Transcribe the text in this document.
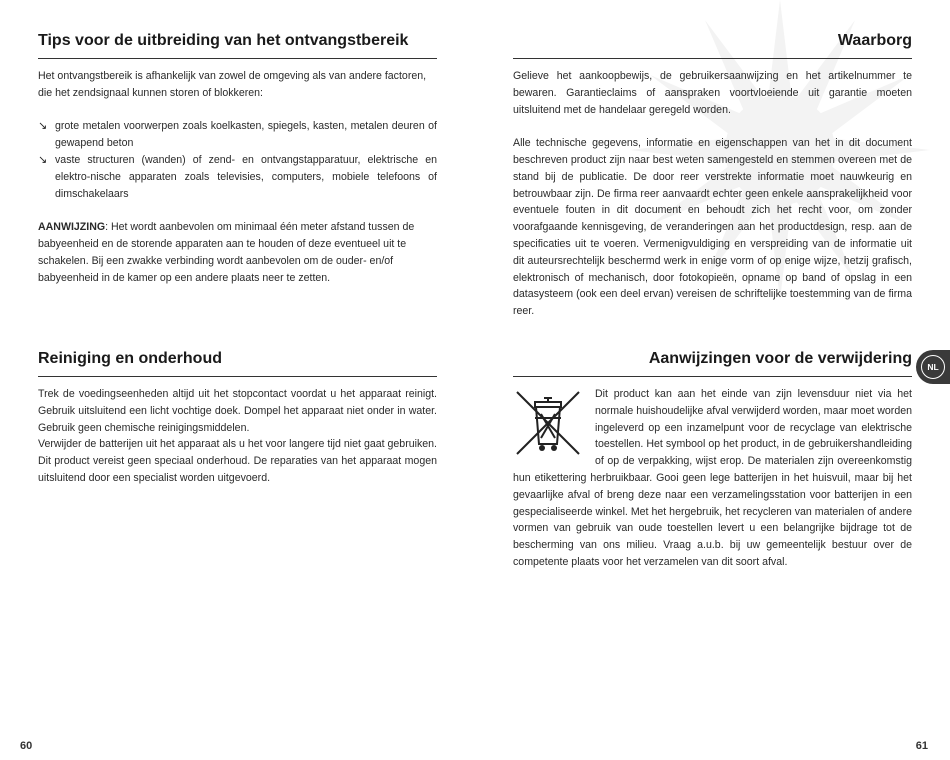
Tips voor de uitbreiding van het ontvangstbereik

Het ontvangstbereik is afhankelijk van zowel de omgeving als van andere factoren, die het zendsignaal kunnen storen of blokkeren:

↘ grote metalen voorwerpen zoals koelkasten, spiegels, kasten, metalen deuren of gewapend beton
↘ vaste structuren (wanden) of zend- en ontvangstapparatuur, elektrische en elektro-nische apparaten zoals televisies, computers, mobiele telefoons of dimschakelaars

AANWIJZING: Het wordt aanbevolen om minimaal één meter afstand tussen de babyeenheid en de storende apparaten aan te houden of deze eventueel uit te schakelen. Bij een zwakke verbinding wordt aanbevolen om de ouder- en/of babyeenheid in de kamer op een andere plaats neer te zetten.

Reiniging en onderhoud

Trek de voedingseenheden altijd uit het stopcontact voordat u het apparaat reinigt. Gebruik uitsluitend een licht vochtige doek. Dompel het apparaat niet onder in water. Gebruik geen chemische reinigingsmiddelen.

Verwijder de batterijen uit het apparaat als u het voor langere tijd niet gaat gebruiken. Dit product vereist geen speciaal onderhoud. De reparaties van het apparaat mogen uitsluitend door een specialist worden uitgevoerd.

Waarborg

Gelieve het aankoopbewijs, de gebruikersaanwijzing en het artikelnummer te bewaren. Garantieclaims of aanspraken voortvloeiende uit garantie moeten uitsluitend met de handelaar geregeld worden.

Alle technische gegevens, informatie en eigenschappen van het in dit document beschreven product zijn naar best weten samengesteld en stemmen overeen met de stand bij de publicatie. De door reer verstrekte informatie moet nauwkeurig en betrouwbaar zijn. De firma reer aanvaardt echter geen enkele aansprakelijkheid voor eventuele fouten in dit document en behoudt zich het recht voor, om zonder voorafgaande kennisgeving, de veranderingen aan het productdesign, resp. aan de specificaties uit te voeren. Vermenigvuldiging en verspreiding van de informatie uit dit auteursrechtelijk beschermd werk in enige vorm of op enige wijze, hetzij grafisch, elektronisch of mechanisch, door fotokopieën, opname op band of opslag in een datasysteem (ook een deel ervan) vereisen de schriftelijke toestemming van de firma reer.

Aanwijzingen voor de verwijdering

Dit product kan aan het einde van zijn levensduur niet via het normale huishoudelijke afval verwijderd worden, maar moet worden ingeleverd op een inzamelpunt voor de recyclage van elektrische toestellen. Het symbool op het product, in de gebruikershandleiding of op de verpakking, wijst erop. De materialen zijn overeenkomstig hun etikettering herbruikbaar. Gooi geen lege batterijen in het huisvuil, maar bij het gevaarlijke afval of breng deze naar een verzamelingsstation voor batterijen in een gespecialiseerde winkel. Met het hergebruik, het recyclеren van materialen of andere vormen van gebruik van oude toestellen levert u een belangrijke bijdrage tot de bescherming van ons milieu. Vraag a.u.b. bij uw gemeentelijk bestuur over de competente plaats voor het verzamelen van dit soort afval.

NL
60	61
